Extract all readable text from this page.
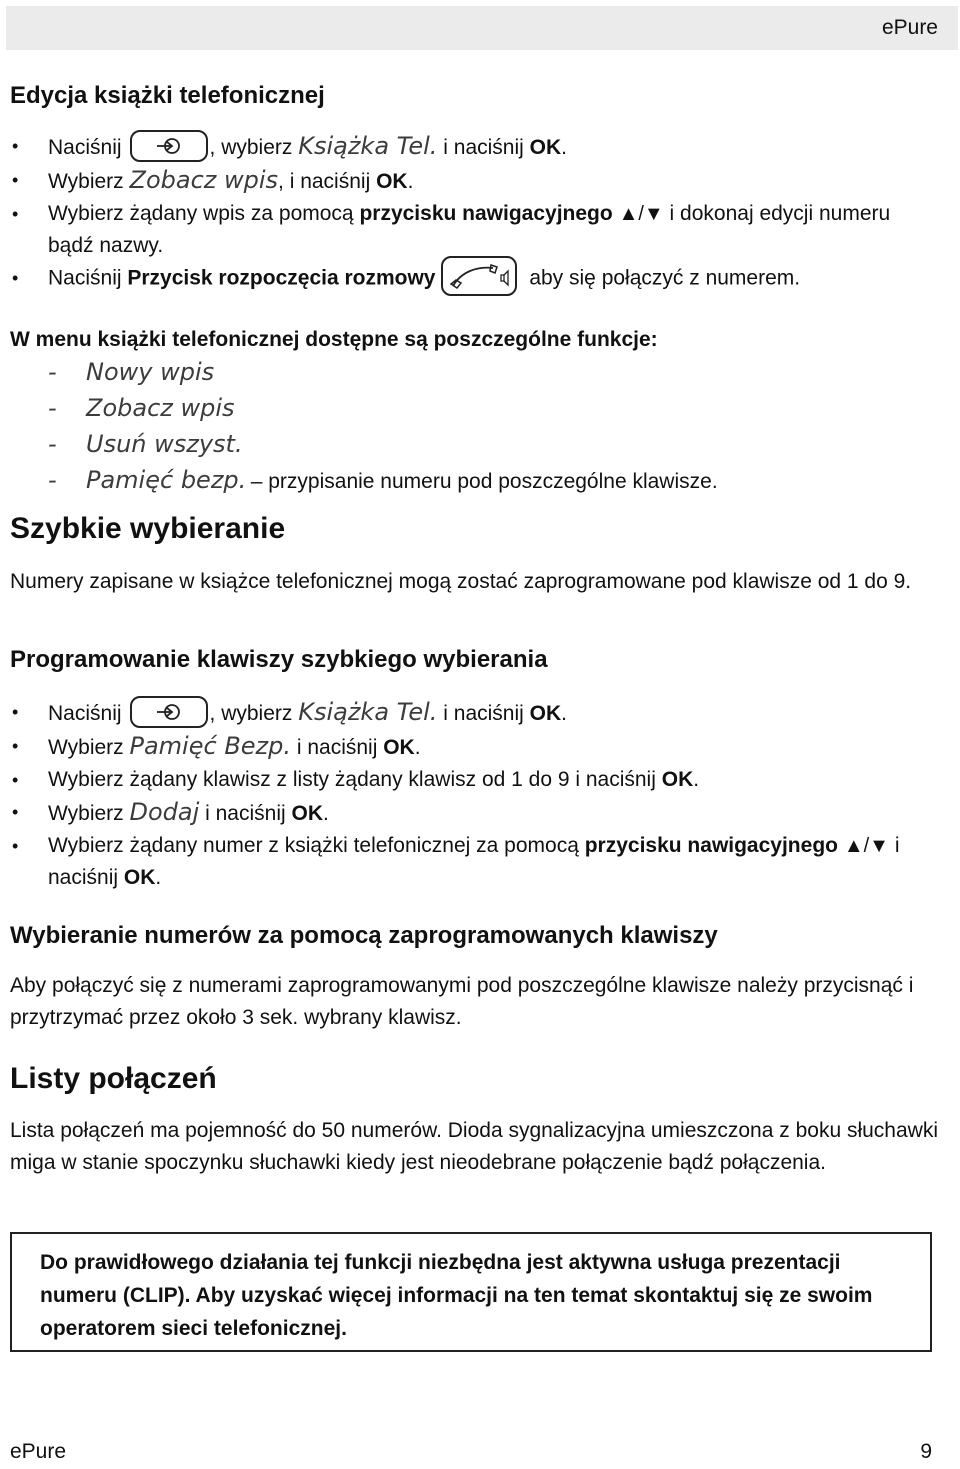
ePure
Edycja książki telefonicznej
• Naciśnij	, wybierz Książka Tel. i naciśnij OK.
• Wybierz Zobacz wpis, i naciśnij OK.
• Wybierz żądany wpis za pomocą przycisku nawigacyjnego ▲/▼ i dokonaj edycji numeru bądź nazwy.
• Naciśnij Przycisk rozpoczęcia rozmowy	aby się połączyć z numerem.
W menu książki telefonicznej dostępne są poszczególne funkcje:
- Nowy wpis
- Zobacz wpis
- Usuń wszyst.
- Pamięć bezp. – przypisanie numeru pod poszczególne klawisze.
Szybkie wybieranie
Numery zapisane w książce telefonicznej mogą zostać zaprogramowane pod klawisze od 1 do 9.
Programowanie klawiszy szybkiego wybierania
• Naciśnij	, wybierz Książka Tel. i naciśnij OK.
• Wybierz Pamięć Bezp. i naciśnij OK.
• Wybierz żądany klawisz z listy żądany klawisz od 1 do 9 i naciśnij OK.
• Wybierz Dodaj i naciśnij OK.
• Wybierz żądany numer z książki telefonicznej za pomocą przycisku nawigacyjnego ▲/▼ i naciśnij OK.
Wybieranie numerów za pomocą zaprogramowanych klawiszy
Aby połączyć się z numerami zaprogramowanymi pod poszczególne klawisze należy przycisnąć i przytrzymać przez około 3 sek. wybrany klawisz.
Listy połączeń
Lista połączeń ma pojemność do 50 numerów. Dioda sygnalizacyjna umieszczona z boku słuchawki miga w stanie spoczynku słuchawki kiedy jest nieodebrane połączenie bądź połączenia.
Do prawidłowego działania tej funkcji niezbędna jest aktywna usługa prezentacji numeru (CLIP). Aby uzyskać więcej informacji na ten temat skontaktuj się ze swoim operatorem sieci telefonicznej.
ePure	9
